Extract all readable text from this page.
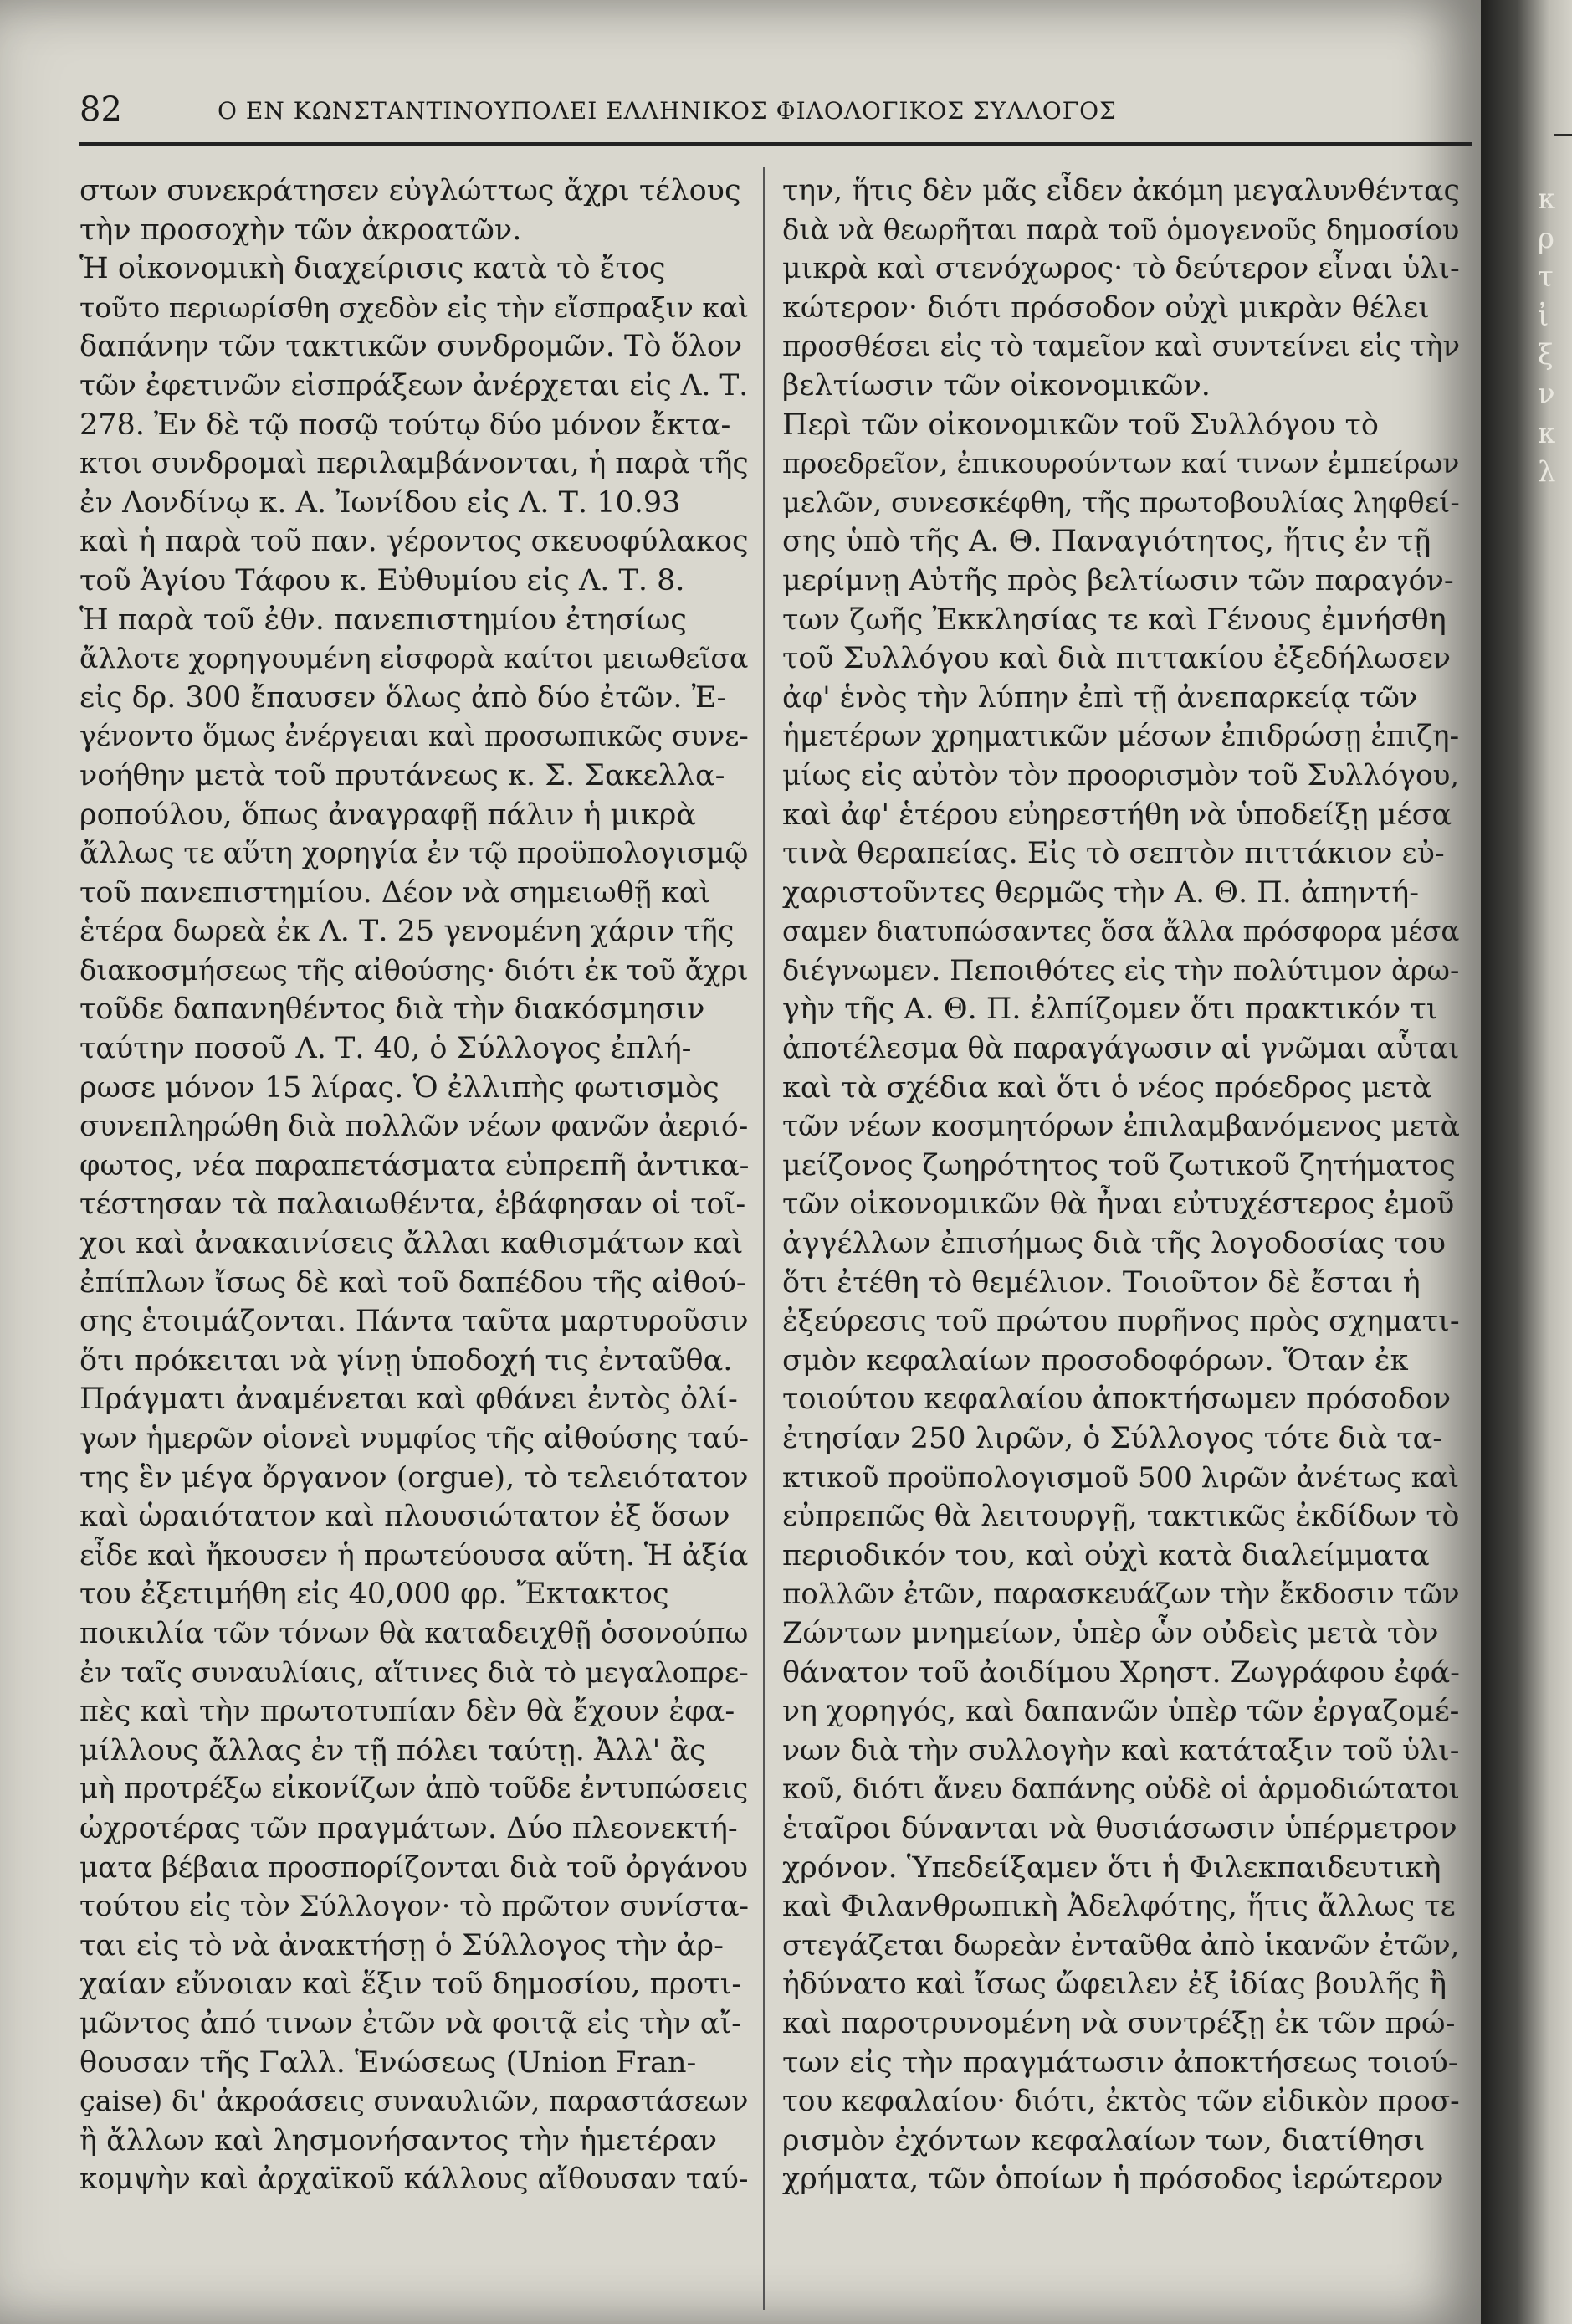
82	Ο ΕΝ ΚΩΝΣΤΑΝΤΙΝΟΥΠΟΛΕΙ ΕΛΛΗΝΙΚΟΣ ΦΙΛΟΛΟΓΙΚΟΣ ΣΥΛΛΟΓΟΣ
στων συνεκράτησεν εὐγλώττως ἄχρι τέλους
τὴν προσοχὴν τῶν ἀκροατῶν.
Ἡ οἰκονομικὴ διαχείρισις κατὰ τὸ ἔτος
τοῦτο περιωρίσθη σχεδὸν εἰς τὴν εἴσπραξιν καὶ
δαπάνην τῶν τακτικῶν συνδρομῶν. Τὸ ὅλον
τῶν ἐφετινῶν εἰσπράξεων ἀνέρχεται εἰς Λ. Τ.
278. Ἐν δὲ τῷ ποσῷ τούτῳ δύο μόνον ἔκτα-
κτοι συνδρομαὶ περιλαμβάνονται, ἡ παρὰ τῆς
ἐν Λονδίνῳ κ. Α. Ἰωνίδου εἰς Λ. Τ. 10.93
καὶ ἡ παρὰ τοῦ παν. γέροντος σκευοφύλακος
τοῦ Ἁγίου Τάφου κ. Εὐθυμίου εἰς Λ. Τ. 8.
Ἡ παρὰ τοῦ ἐθν. πανεπιστημίου ἐτησίως
ἄλλοτε χορηγουμένη εἰσφορὰ καίτοι μειωθεῖσα
εἰς δρ. 300 ἔπαυσεν ὅλως ἀπὸ δύο ἐτῶν. Ἐ-
γένοντο ὅμως ἐνέργειαι καὶ προσωπικῶς συνε-
νοήθην μετὰ τοῦ πρυτάνεως κ. Σ. Σακελλα-
ροπούλου, ὅπως ἀναγραφῇ πάλιν ἡ μικρὰ
ἄλλως τε αὕτη χορηγία ἐν τῷ προϋπολογισμῷ
τοῦ πανεπιστημίου. Δέον νὰ σημειωθῇ καὶ
ἑτέρα δωρεὰ ἐκ Λ. Τ. 25 γενομένη χάριν τῆς
διακοσμήσεως τῆς αἰθούσης· διότι ἐκ τοῦ ἄχρι
τοῦδε δαπανηθέντος διὰ τὴν διακόσμησιν
ταύτην ποσοῦ Λ. Τ. 40, ὁ Σύλλογος ἐπλή-
ρωσε μόνον 15 λίρας. Ὁ ἐλλιπὴς φωτισμὸς
συνεπληρώθη διὰ πολλῶν νέων φανῶν ἀεριό-
φωτος, νέα παραπετάσματα εὐπρεπῆ ἀντικα-
τέστησαν τὰ παλαιωθέντα, ἐβάφησαν οἱ τοῖ-
χοι καὶ ἀνακαινίσεις ἄλλαι καθισμάτων καὶ
ἐπίπλων ἴσως δὲ καὶ τοῦ δαπέδου τῆς αἰθού-
σης ἑτοιμάζονται. Πάντα ταῦτα μαρτυροῦσιν
ὅτι πρόκειται νὰ γίνῃ ὑποδοχή τις ἐνταῦθα.
Πράγματι ἀναμένεται καὶ φθάνει ἐντὸς ὀλί-
γων ἡμερῶν οἱονεὶ νυμφίος τῆς αἰθούσης ταύ-
της ἓν μέγα ὄργανον (orgue), τὸ τελειότατον
καὶ ὡραιότατον καὶ πλουσιώτατον ἐξ ὅσων
εἶδε καὶ ἤκουσεν ἡ πρωτεύουσα αὕτη. Ἡ ἀξία
του ἐξετιμήθη εἰς 40,000 φρ. Ἔκτακτος
ποικιλία τῶν τόνων θὰ καταδειχθῇ ὁσονούπω
ἐν ταῖς συναυλίαις, αἵτινες διὰ τὸ μεγαλοπρε-
πὲς καὶ τὴν πρωτοτυπίαν δὲν θὰ ἔχουν ἐφα-
μίλλους ἄλλας ἐν τῇ πόλει ταύτῃ. Ἀλλ' ἂς
μὴ προτρέξω εἰκονίζων ἀπὸ τοῦδε ἐντυπώσεις
ὠχροτέρας τῶν πραγμάτων. Δύο πλεονεκτή-
ματα βέβαια προσπορίζονται διὰ τοῦ ὀργάνου
τούτου εἰς τὸν Σύλλογον· τὸ πρῶτον συνίστα-
ται εἰς τὸ νὰ ἀνακτήσῃ ὁ Σύλλογος τὴν ἀρ-
χαίαν εὔνοιαν καὶ ἕξιν τοῦ δημοσίου, προτι-
μῶντος ἀπό τινων ἐτῶν νὰ φοιτᾷ εἰς τὴν αἴ-
θουσαν τῆς Γαλλ. Ἑνώσεως (Union Fran-
çaise) δι' ἀκροάσεις συναυλιῶν, παραστάσεων
ἢ ἄλλων καὶ λησμονήσαντος τὴν ἡμετέραν
κομψὴν καὶ ἀρχαϊκοῦ κάλλους αἴθουσαν ταύ-
την, ἥτις δὲν μᾶς εἶδεν ἀκόμη μεγαλυνθέντας
διὰ νὰ θεωρῆται παρὰ τοῦ ὁμογενοῦς δημοσίου
μικρὰ καὶ στενόχωρος· τὸ δεύτερον εἶναι ὑλι-
κώτερον· διότι πρόσοδον οὐχὶ μικρὰν θέλει
προσθέσει εἰς τὸ ταμεῖον καὶ συντείνει εἰς τὴν
βελτίωσιν τῶν οἰκονομικῶν.
Περὶ τῶν οἰκονομικῶν τοῦ Συλλόγου τὸ
προεδρεῖον, ἐπικουρούντων καί τινων ἐμπείρων
μελῶν, συνεσκέφθη, τῆς πρωτοβουλίας ληφθεί-
σης ὑπὸ τῆς Α. Θ. Παναγιότητος, ἥτις ἐν τῇ
μερίμνῃ Αὐτῆς πρὸς βελτίωσιν τῶν παραγόν-
των ζωῆς Ἐκκλησίας τε καὶ Γένους ἐμνήσθη
τοῦ Συλλόγου καὶ διὰ πιττακίου ἐξεδήλωσεν
ἀφ' ἑνὸς τὴν λύπην ἐπὶ τῇ ἀνεπαρκείᾳ τῶν
ἡμετέρων χρηματικῶν μέσων ἐπιδρώσῃ ἐπιζη-
μίως εἰς αὐτὸν τὸν προορισμὸν τοῦ Συλλόγου,
καὶ ἀφ' ἑτέρου εὐηρεστήθη νὰ ὑποδείξῃ μέσα
τινὰ θεραπείας. Εἰς τὸ σεπτὸν πιττάκιον εὐ-
χαριστοῦντες θερμῶς τὴν Α. Θ. Π. ἀπηντή-
σαμεν διατυπώσαντες ὅσα ἄλλα πρόσφορα μέσα
διέγνωμεν. Πεποιθότες εἰς τὴν πολύτιμον ἀρω-
γὴν τῆς Α. Θ. Π. ἐλπίζομεν ὅτι πρακτικόν τι
ἀποτέλεσμα θὰ παραγάγωσιν αἱ γνῶμαι αὗται
καὶ τὰ σχέδια καὶ ὅτι ὁ νέος πρόεδρος μετὰ
τῶν νέων κοσμητόρων ἐπιλαμβανόμενος μετὰ
μείζονος ζωηρότητος τοῦ ζωτικοῦ ζητήματος
τῶν οἰκονομικῶν θὰ ἦναι εὐτυχέστερος ἐμοῦ
ἀγγέλλων ἐπισήμως διὰ τῆς λογοδοσίας του
ὅτι ἐτέθη τὸ θεμέλιον. Τοιοῦτον δὲ ἔσται ἡ
ἐξεύρεσις τοῦ πρώτου πυρῆνος πρὸς σχηματι-
σμὸν κεφαλαίων προσοδοφόρων. Ὅταν ἐκ
τοιούτου κεφαλαίου ἀποκτήσωμεν πρόσοδον
ἐτησίαν 250 λιρῶν, ὁ Σύλλογος τότε διὰ τα-
κτικοῦ προϋπολογισμοῦ 500 λιρῶν ἀνέτως καὶ
εὐπρεπῶς θὰ λειτουργῇ, τακτικῶς ἐκδίδων τὸ
περιοδικόν του, καὶ οὐχὶ κατὰ διαλείμματα
πολλῶν ἐτῶν, παρασκευάζων τὴν ἔκδοσιν τῶν
Ζώντων μνημείων, ὑπὲρ ὧν οὐδεὶς μετὰ τὸν
θάνατον τοῦ ἀοιδίμου Χρηστ. Ζωγράφου ἐφά-
νη χορηγός, καὶ δαπανῶν ὑπὲρ τῶν ἐργαζομέ-
νων διὰ τὴν συλλογὴν καὶ κατάταξιν τοῦ ὑλι-
κοῦ, διότι ἄνευ δαπάνης οὐδὲ οἱ ἁρμοδιώτατοι
ἑταῖροι δύνανται νὰ θυσιάσωσιν ὑπέρμετρον
χρόνον. Ὑπεδείξαμεν ὅτι ἡ Φιλεκπαιδευτικὴ
καὶ Φιλανθρωπικὴ Ἀδελφότης, ἥτις ἄλλως τε
στεγάζεται δωρεὰν ἐνταῦθα ἀπὸ ἱκανῶν ἐτῶν,
ἠδύνατο καὶ ἴσως ὤφειλεν ἐξ ἰδίας βουλῆς ἢ
καὶ παροτρυνομένη νὰ συντρέξῃ ἐκ τῶν πρώ-
των εἰς τὴν πραγμάτωσιν ἀποκτήσεως τοιού-
του κεφαλαίου· διότι, ἐκτὸς τῶν εἰδικὸν προσ-
ρισμὸν ἐχόντων κεφαλαίων των, διατίθησι
χρήματα, τῶν ὁποίων ἡ πρόσοδος ἱερώτερον
κ
ρ
τ
ἰ
ξ
ν
κ
λ
